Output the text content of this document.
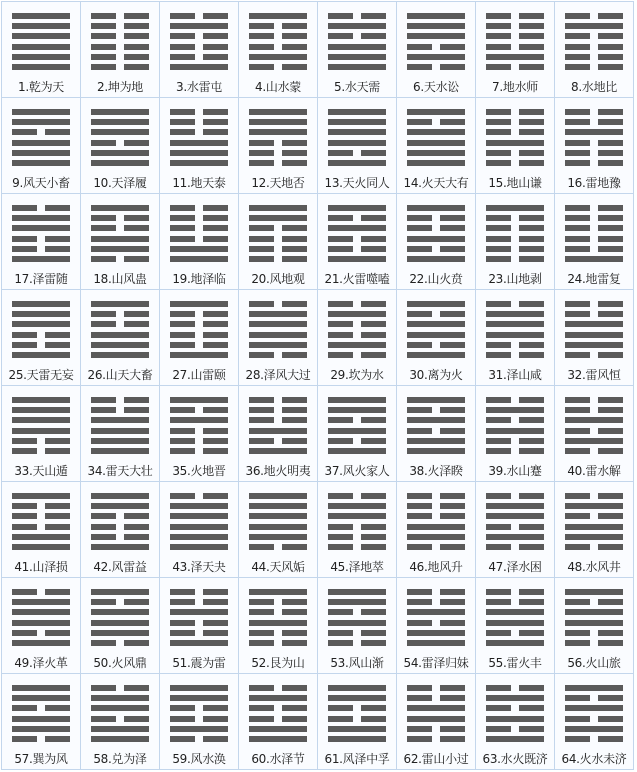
1.乾为天	2.坤为地	3.水雷屯	4.山水蒙	5.水天需	6.天水讼	7.地水师	8.水地比
9.风天小畜 10.天泽履 11.地天泰 12.天地否 13.天火同人 14.火天大有 15.地山谦 16.雷地豫
17.泽雷随 18.山风蛊 19.地泽临 20.风地观 21.火雷噬嗑 22.山火贲 23.山地剥 24.地雷复
25.天雷无妄 26.山天大畜 27.山雷颐 28.泽风大过 29.坎为水 30.离为火 31.泽山咸 32.雷风恒
33.天山遁 34.雷天大壮 35.火地晋 36.地火明夷 37.风火家人 38.火泽睽 39.水山蹇 40.雷水解
41.山泽损 42.风雷益 43.泽天夬 44.天风姤 45.泽地萃 46.地风升 47.泽水困 48.水风井
49.泽火革 50.火风鼎 51.震为雷 52.艮为山 53.风山渐 54.雷泽归妹 55.雷火丰 56.火山旅
57.巽为风 58.兑为泽 59.风水涣 60.水泽节 61.风泽中孚 62.雷山小过 63.水火既济 64.火水未济
